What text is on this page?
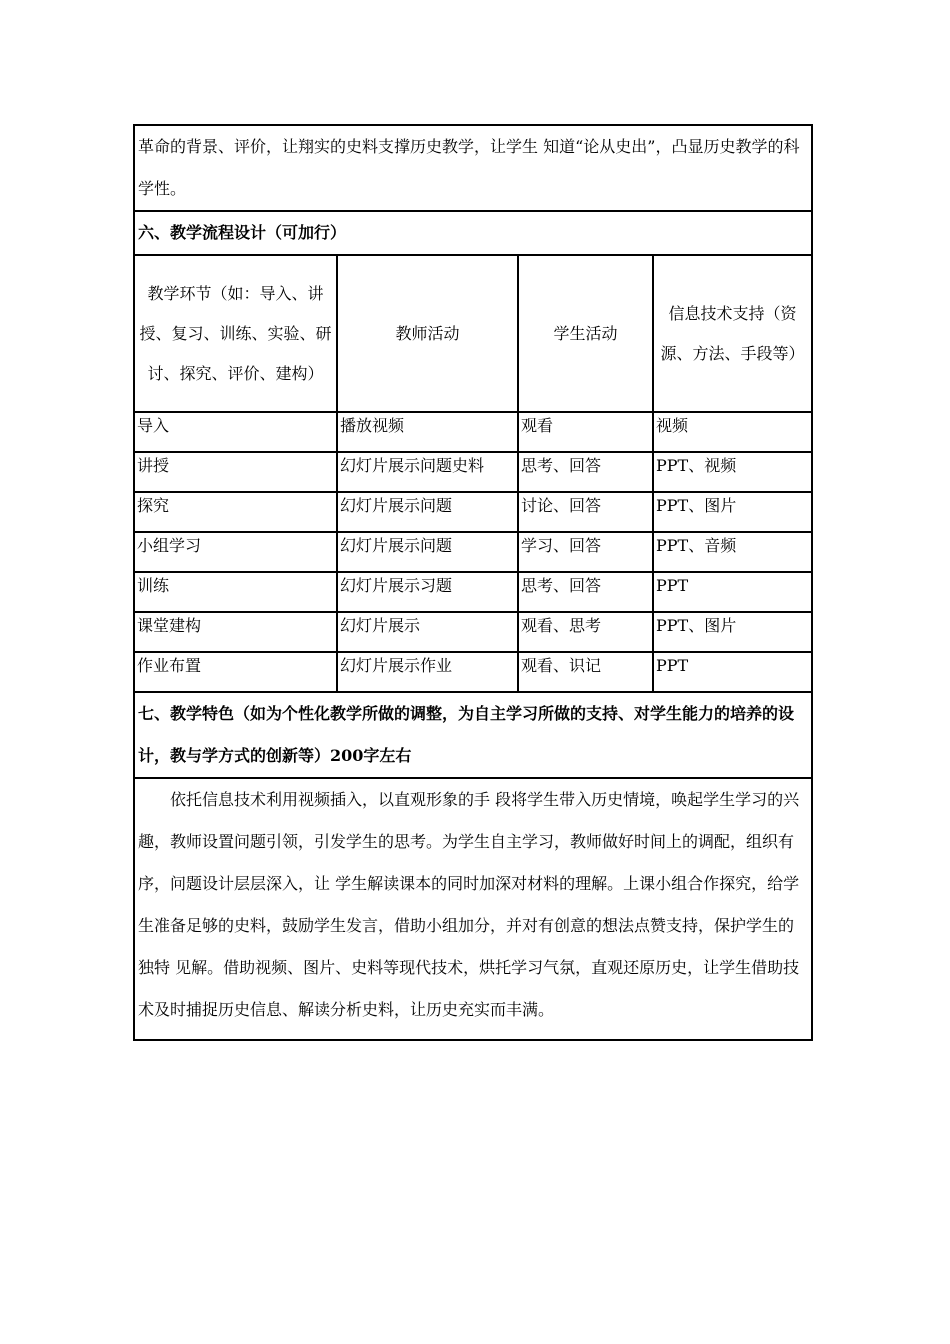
革命的背景、评价，让翔实的史料支撑历史教学，让学生 知道“论从史出”，凸显历史教学的科学性。
六、教学流程设计（可加行）
教学环节（如：导入、讲授、复习、训练、实验、研讨、探究、评价、建构）	教师活动	学生活动	信息技术支持（资源、方法、手段等）
导入	播放视频	观看	视频
讲授	幻灯片展示问题史料	思考、回答	PPT、视频
探究	幻灯片展示问题	讨论、回答	PPT、图片
小组学习	幻灯片展示问题	学习、回答	PPT、音频
训练	幻灯片展示习题	思考、回答	PPT
课堂建构	幻灯片展示	观看、思考	PPT、图片
作业布置	幻灯片展示作业	观看、识记	PPT
七、教学特色（如为个性化教学所做的调整，为自主学习所做的支持、对学生能力的培养的设计，教与学方式的创新等）200字左右
依托信息技术利用视频插入，以直观形象的手 段将学生带入历史情境，唤起学生学习的兴趣，教师设置问题引领，引发学生的思考。为学生自主学习，教师做好时间上的调配，组织有序，问题设计层层深入，让 学生解读课本的同时加深对材料的理解。上课小组合作探究，给学生准备足够的史料，鼓励学生发言，借助小组加分，并对有创意的想法点赞支持，保护学生的独特 见解。借助视频、图片、史料等现代技术，烘托学习气氛，直观还原历史，让学生借助技术及时捕捉历史信息、解读分析史料，让历史充实而丰满。
